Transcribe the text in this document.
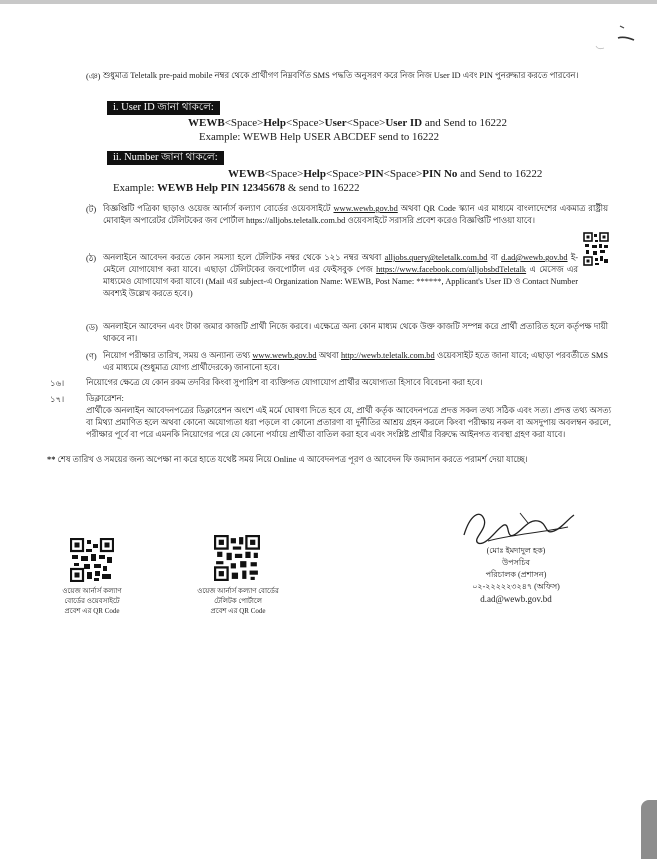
(ঞ) শুধুমাত্র Teletalk pre-paid mobile নম্বর থেকে প্রার্থীগণ নিম্নবর্ণিত SMS পদ্ধতি অনুসরণ করে নিজ নিজ User ID এবং PIN পুনরুদ্ধার করতে পারবেন।
i. User ID জানা থাকলে:
WEWB<Space>Help<Space>User<Space>User ID and Send to 16222
Example: WEWB Help USER ABCDEF send to 16222
ii. Number জানা থাকলে:
WEWB<Space>Help<Space>PIN<Space>PIN No and Send to 16222
Example: WEWB Help PIN 12345678 & send to 16222
(ট) বিজ্ঞপ্তিটি পত্রিকা ছাড়াও ওয়েজ আর্নার্স কল্যাণ বোর্ডের ওয়েবসাইটে www.wewb.gov.bd অথবা QR Code স্ক্যান এর মাধ্যমে বাংলাদেশের একমাত্র রাষ্ট্রীয় মোবাইল অপারেটর টেলিটকের জব পোর্টাল https://alljobs.teletalk.com.bd ওয়েবসাইটে সরাসরি প্রবেশ করেও বিজ্ঞপ্তিটি পাওয়া যাবে।
(ঠ) অনলাইনে আবেদন করতে কোন সমস্যা হলে টেলিটক নম্বর থেকে ১২১ নম্বর অথবা alljobs.query@teletalk.com.bd বা d.ad@wewb.gov.bd ই-মেইলে যোগাযোগ করা যাবে। এছাড়া টেলিটকের জবপোর্টাল এর ফেইসবুক পেজ https://www.facebook.com/alljobsbdTeletalk এ মেসেজ এর মাধ্যমেও যোগাযোগ করা যাবে। (Mail এর subject-এ Organization Name: WEWB, Post Name: ******, Applicant's User ID ও Contact Number অবশ্যই উল্লেখ করতে হবে।)
(ড) অনলাইনে আবেদন এবং টাকা জমার কাজটি প্রার্থী নিজে করবে। এক্ষেত্রে অন্য কোন মাধ্যম থেকে উক্ত কাজটি সম্পন্ন করে প্রার্থী প্রতারিত হলে কর্তৃপক্ষ দায়ী থাকবে না।
(ণ) নিয়োগ পরীক্ষার তারিখ, সময় ও অন্যান্য তথ্য www.wewb.gov.bd অথবা http://wewb.teletalk.com.bd ওয়েবসাইট হতে জানা যাবে; এছাড়া পরবর্তীতে SMS এর মাধ্যমে (শুধুমাত্র যোগ্য প্রার্থীদেরকে) জানানো হবে।
১৬।	নিয়োগের ক্ষেত্রে যে কোন রকম তদবির কিংবা সুপারিশ বা ব্যক্তিগত যোগাযোগ প্রার্থীর অযোগ্যতা হিসাবে বিবেচনা করা হবে।
১৭।	ডিক্লারেশন:
প্রার্থীকে অনলাইন আবেদনপত্রের ডিক্লারেশন অংশে এই মর্মে ঘোষণা দিতে হবে যে, প্রার্থী কর্তৃক আবেদনপত্রে প্রদত্ত সকল তথ্য সঠিক এবং সত্য। প্রদত্ত তথ্য অসত্য বা মিথ্যা প্রমাণিত হলে অথবা কোনো অযোগ্যতা ধরা পড়লে বা কোনো প্রতারণা বা দুর্নীতির আশ্রয় গ্রহন করলে কিংবা পরীক্ষায় নকল বা অসদুপায় অবলম্বন করলে, পরীক্ষার পূর্বে বা পরে এমনকি নিয়োগের পরে যে কোনো পর্যায়ে প্রার্থীতা বাতিল করা হবে এবং সংশ্লিষ্ট প্রার্থীর বিরুদ্ধে আইনগত ব্যবস্থা গ্রহণ করা যাবে।
** শেষ তারিখ ও সময়ের জন্য অপেক্ষা না করে হাতে যথেষ্ট সময় নিয়ে Online এ আবেদনপত্র পূরণ ও আবেদন ফি জমাদান করতে পরামর্শ দেয়া যাচ্ছে।
ওয়েজ আর্নার্স কল্যাণ
বোর্ডের ওয়েবসাইটে
প্রবেশ এর QR Code
ওয়েজ আর্নার্স কল্যাণ বোর্ডের
টেলিটক পোর্টালে
প্রবেশ এর QR Code
(মোঃ ইমদাদুল হক)
উপসচিব
পরিচালক (প্রশাসন)
০২-২২২২২৩২৪৭ (অফিস)
d.ad@wewb.gov.bd
